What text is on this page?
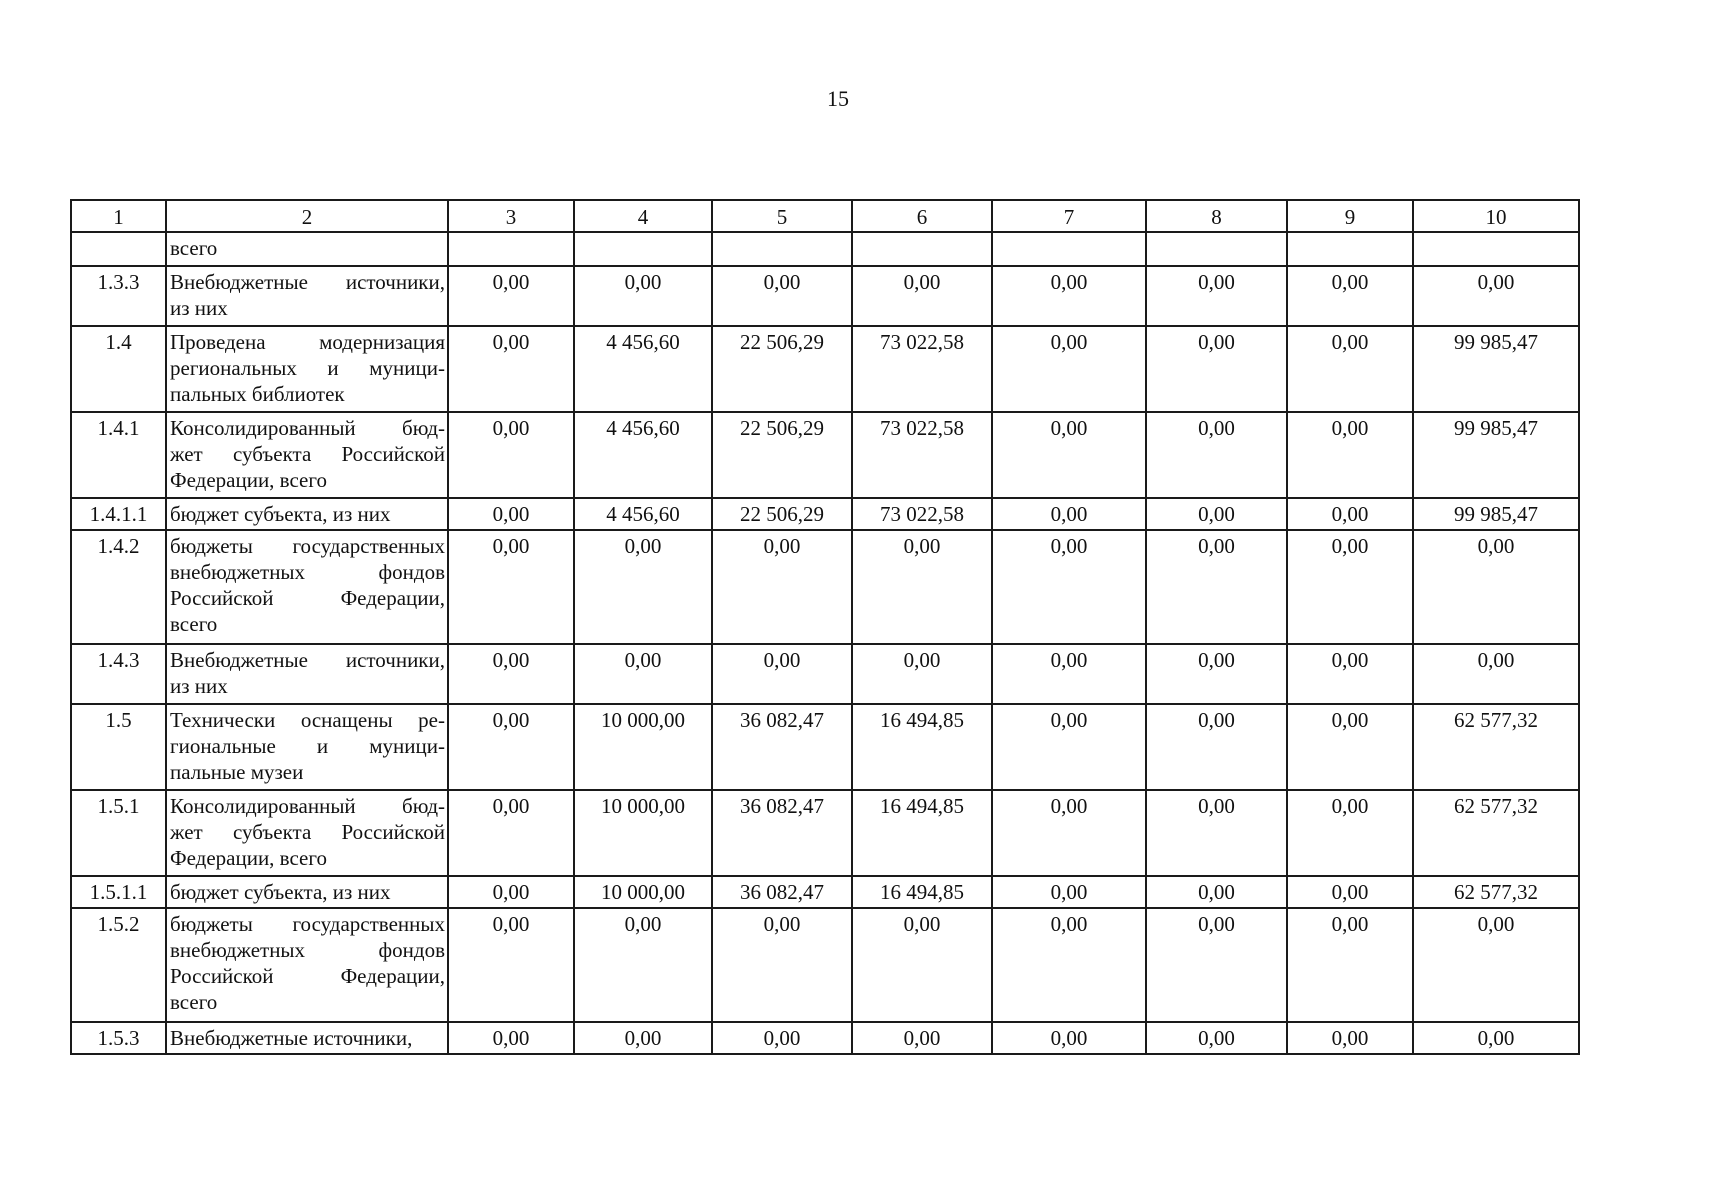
15
1	2	3	4	5	6	7	8	9	10

	всего								

1.3.3	Внебюджетные источники,
из них	0,00	0,00	0,00	0,00	0,00	0,00	0,00	0,00
1.4	Проведена модернизация
региональных и муници-
пальных библиотек	0,00	4 456,60	22 506,29	73 022,58	0,00	0,00	0,00	99 985,47
1.4.1	Консолидированный бюд-
жет субъекта Российской
Федерации, всего	0,00	4 456,60	22 506,29	73 022,58	0,00	0,00	0,00	99 985,47
1.4.1.1	бюджет субъекта, из них	0,00	4 456,60	22 506,29	73 022,58	0,00	0,00	0,00	99 985,47
1.4.2	бюджеты государственных
внебюджетных фондов
Российской Федерации,
всего	0,00	0,00	0,00	0,00	0,00	0,00	0,00	0,00
1.4.3	Внебюджетные источники,
из них	0,00	0,00	0,00	0,00	0,00	0,00	0,00	0,00
1.5	Технически оснащены ре-
гиональные и муници-
пальные музеи	0,00	10 000,00	36 082,47	16 494,85	0,00	0,00	0,00	62 577,32
1.5.1	Консолидированный бюд-
жет субъекта Российской
Федерации, всего	0,00	10 000,00	36 082,47	16 494,85	0,00	0,00	0,00	62 577,32
1.5.1.1	бюджет субъекта, из них	0,00	10 000,00	36 082,47	16 494,85	0,00	0,00	0,00	62 577,32
1.5.2	бюджеты государственных
внебюджетных фондов
Российской Федерации,
всего	0,00	0,00	0,00	0,00	0,00	0,00	0,00	0,00
1.5.3	Внебюджетные источники,	0,00	0,00	0,00	0,00	0,00	0,00	0,00	0,00
